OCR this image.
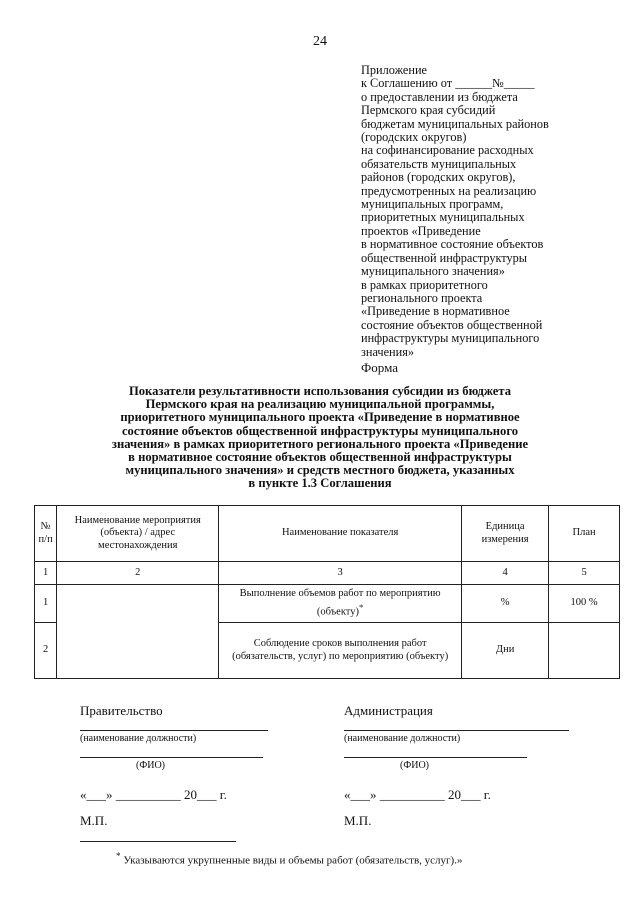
24
Приложение
к Соглашению от ______№_____
о предоставлении из бюджета
Пермского края субсидий
бюджетам муниципальных районов
(городских округов)
на софинансирование расходных
обязательств муниципальных
районов (городских округов),
предусмотренных на реализацию
муниципальных программ,
приоритетных муниципальных
проектов «Приведение
в нормативное состояние объектов
общественной инфраструктуры
муниципального значения»
в рамках приоритетного
регионального проекта
«Приведение в нормативное
состояние объектов общественной
инфраструктуры муниципального
значения»
Форма
Показатели результативности использования субсидии из бюджета
Пермского края на реализацию муниципальной программы,
приоритетного муниципального проекта «Приведение в нормативное
состояние объектов общественной инфраструктуры муниципального
значения» в рамках приоритетного регионального проекта «Приведение
в нормативное состояние объектов общественной инфраструктуры
муниципального значения» и средств местного бюджета, указанных
в пункте 1.3 Соглашения
№ п/п	Наименование мероприятия (объекта) / адрес местонахождения	Наименование показателя	Единица измерения	План
1	2	3	4	5
1		Выполнение объемов работ по мероприятию (объекту)*	%	100 %
2		Соблюдение сроков выполнения работ (обязательств, услуг) по мероприятию (объекту)	Дни	
Правительство
(наименование должности)
(ФИО)
«___» __________ 20___ г.
М.П.
Администрация
(наименование должности)
(ФИО)
«___» __________ 20___ г.
М.П.
* Указываются укрупненные виды и объемы работ (обязательств, услуг).»
